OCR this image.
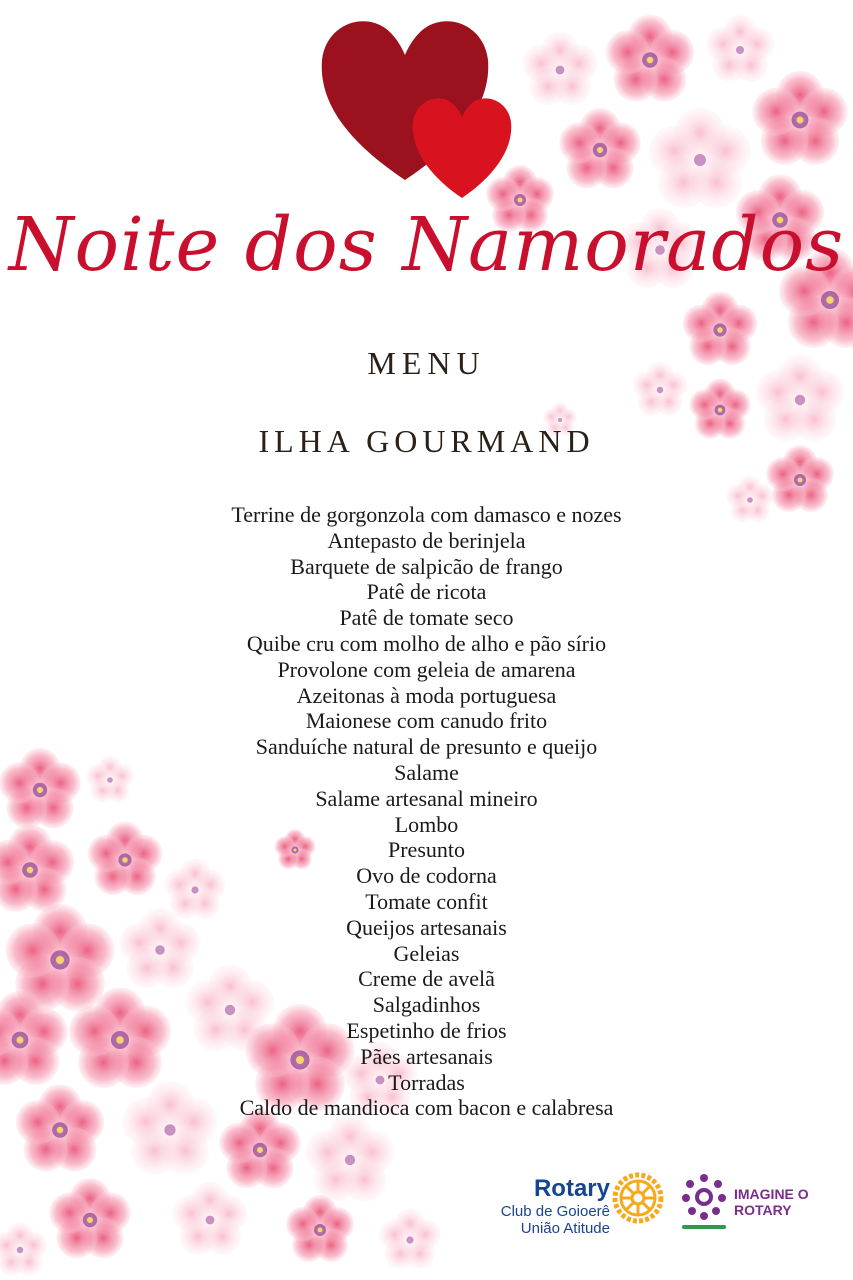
Noite dos Namorados
MENU
ILHA GOURMAND
Terrine de gorgonzola com damasco e nozes
Antepasto de berinjela
Barquete de salpicão de frango
Patê de ricota
Patê de tomate seco
Quibe cru com molho de alho e pão sírio
Provolone com geleia de amarena
Azeitonas à moda portuguesa
Maionese com canudo frito
Sanduíche natural de presunto e queijo
Salame
Salame artesanal mineiro
Lombo
Presunto
Ovo de codorna
Tomate confit
Queijos artesanais
Geleias
Creme de avelã
Salgadinhos
Espetinho de frios
Pães artesanais
Torradas
Caldo de mandioca com bacon e calabresa
Rotary
Club de Goioerê
União Atitude
IMAGINE O
ROTARY
